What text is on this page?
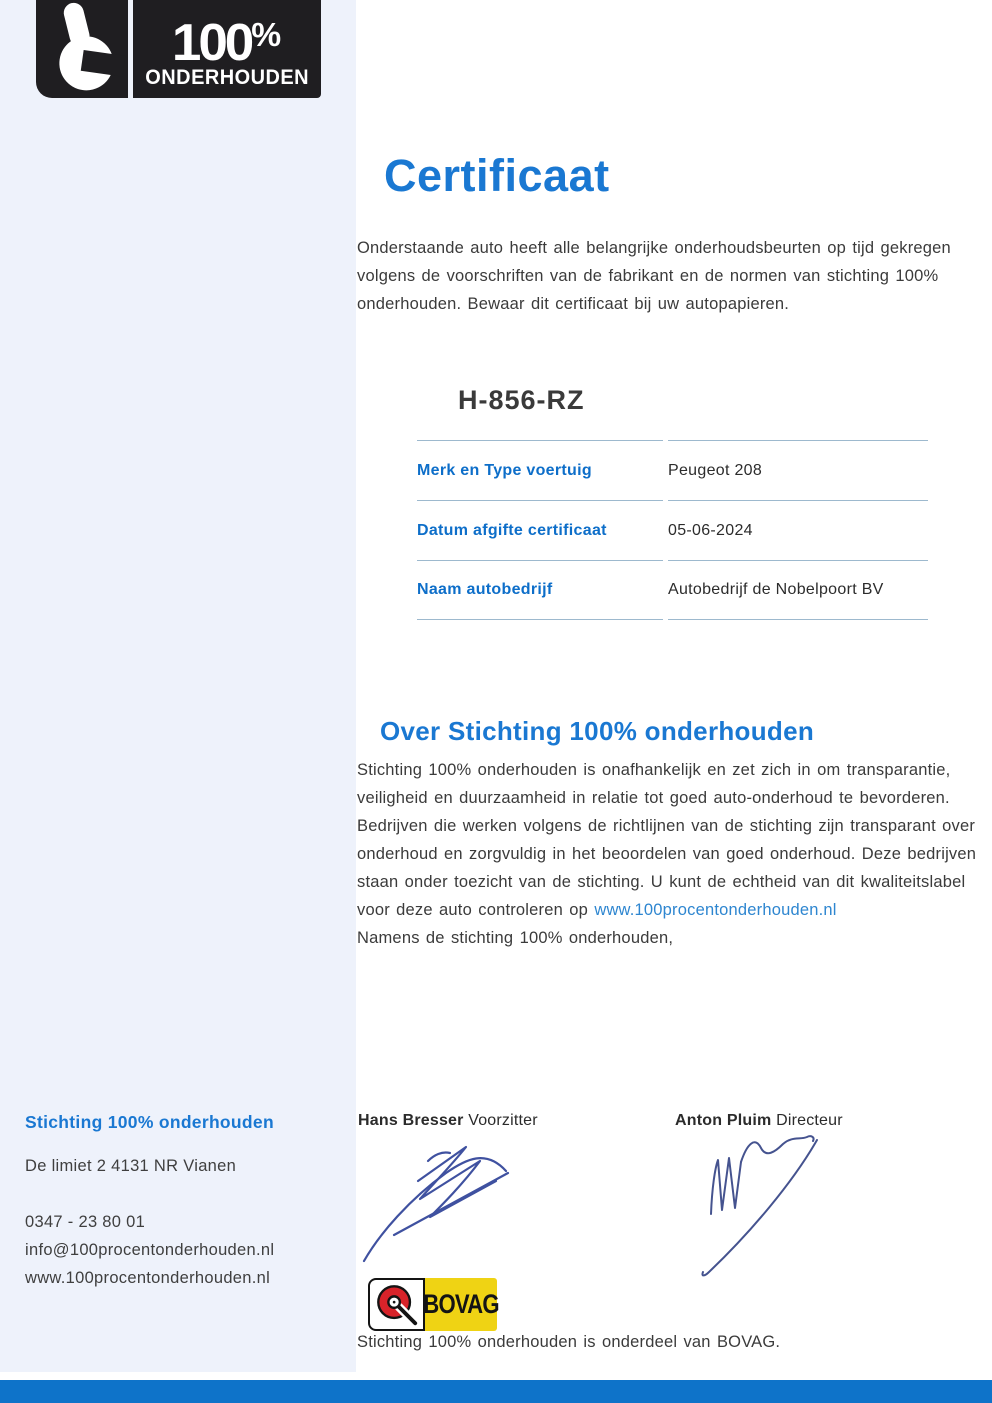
100%
ONDERHOUDEN
Certificaat

Onderstaande auto heeft alle belangrijke onderhoudsbeurten op tijd gekregen volgens de voorschriften van de fabrikant en de normen van stichting 100% onderhouden. Bewaar dit certificaat bij uw autopapieren.

H-856-RZ
Merk en Type voertuig	Peugeot 208
Datum afgifte certificaat	05-06-2024
Naam autobedrijf	Autobedrijf de Nobelpoort BV
Over Stichting 100% onderhouden

Stichting 100% onderhouden is onafhankelijk en zet zich in om transparantie, veiligheid en duurzaamheid in relatie tot goed auto-onderhoud te bevorderen. Bedrijven die werken volgens de richtlijnen van de stichting zijn transparant over onderhoud en zorgvuldig in het beoordelen van goed onderhoud. Deze bedrijven staan onder toezicht van de stichting. U kunt de echtheid van dit kwaliteitslabel voor deze auto controleren op www.100procentonderhouden.nl
Namens de stichting 100% onderhouden,

Stichting 100% onderhouden
De limiet 2 4131 NR Vianen
0347 - 23 80 01
info@100procentonderhouden.nl
www.100procentonderhouden.nl
Hans Bresser Voorzitter	Anton Pluim Directeur
BOVAG
Stichting 100% onderhouden is onderdeel van BOVAG.
